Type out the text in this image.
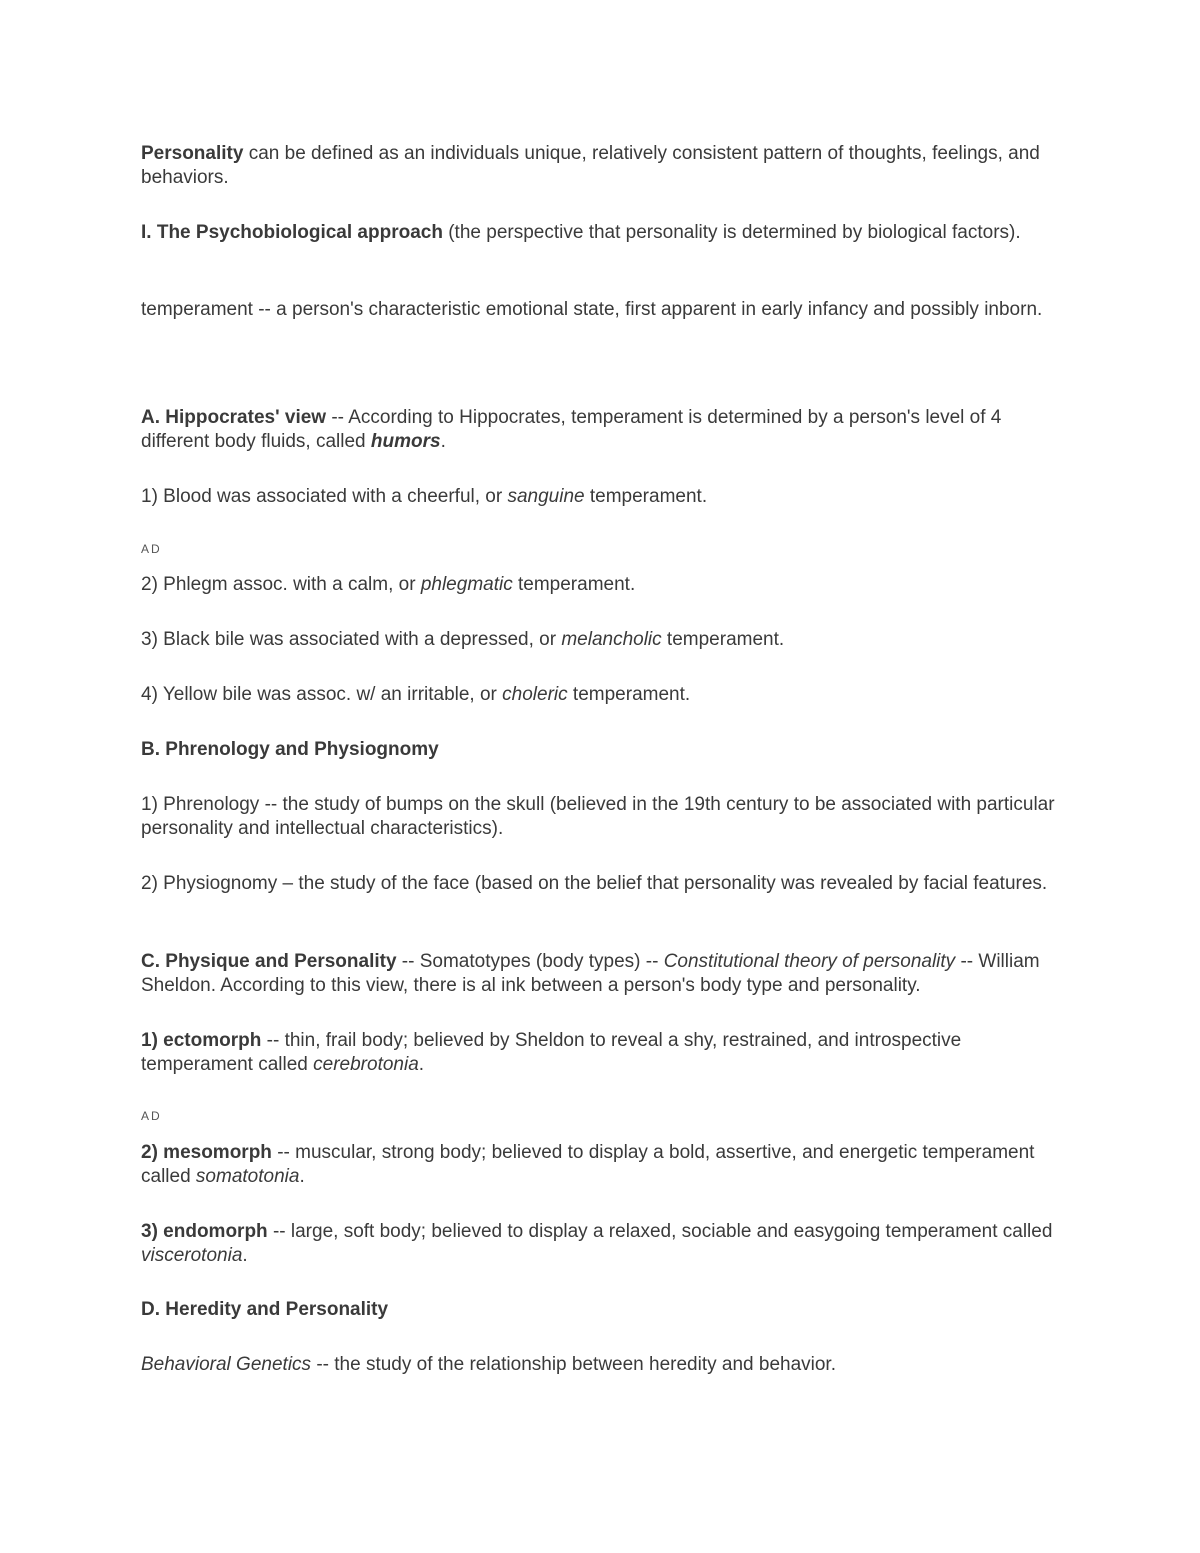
Personality can be defined as an individuals unique, relatively consistent pattern of thoughts, feelings, and behaviors.
I. The Psychobiological approach (the perspective that personality is determined by biological factors).
temperament -- a person's characteristic emotional state, first apparent in early infancy and possibly inborn.
A. Hippocrates' view -- According to Hippocrates, temperament is determined by a person's level of 4 different body fluids, called humors.
1) Blood was associated with a cheerful, or sanguine temperament.
AD
2) Phlegm assoc. with a calm, or phlegmatic temperament.
3) Black bile was associated with a depressed, or melancholic temperament.
4) Yellow bile was assoc. w/ an irritable, or choleric temperament.
B. Phrenology and Physiognomy
1) Phrenology -- the study of bumps on the skull (believed in the 19th century to be associated with particular personality and intellectual characteristics).
2) Physiognomy – the study of the face (based on the belief that personality was revealed by facial features.
C. Physique and Personality -- Somatotypes (body types) -- Constitutional theory of personality -- William Sheldon. According to this view, there is al ink between a person's body type and personality.
1) ectomorph -- thin, frail body; believed by Sheldon to reveal a shy, restrained, and introspective temperament called cerebrotonia.
AD
2) mesomorph -- muscular, strong body; believed to display a bold, assertive, and energetic temperament called somatotonia.
3) endomorph -- large, soft body; believed to display a relaxed, sociable and easygoing temperament called viscerotonia.
D. Heredity and Personality
Behavioral Genetics -- the study of the relationship between heredity and behavior.
